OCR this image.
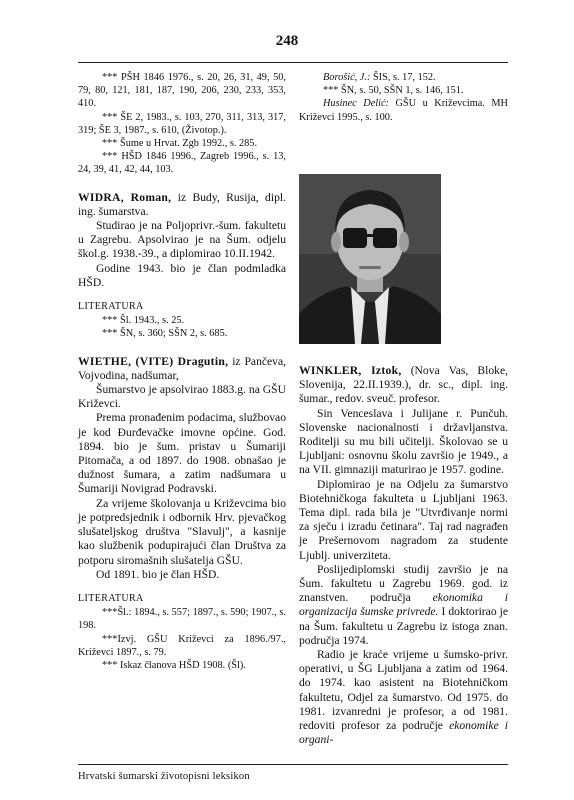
248

*** PŠH 1846 1976., s. 20, 26, 31, 49, 50, 79, 80, 121, 181, 187, 190, 206, 230, 233, 353, 410.

*** ŠE 2, 1983., s. 103, 270, 311, 313, 317, 319; ŠE 3, 1987., s. 610, (Životop.).

*** Šume u Hrvat. Zgb 1992., s. 285.

*** HŠD 1846 1996., Zagreb 1996., s. 13, 24, 39, 41, 42, 44, 103.

WIDRA, Roman, iz Budy, Rusija, dipl. ing. šumarstva.

Studirao je na Poljoprivr.-šum. fakultetu u Zagrebu. Apsolvirao je na Šum. odjelu škol.g. 1938.-39., a diplomirao 10.II.1942.

Godine 1943. bio je član podmladka HŠD.

LITERATURA

*** Šl. 1943., s. 25.

*** ŠN, s. 360; SŠN 2, s. 685.

WIETHE, (VITE) Dragutin, iz Pančeva, Vojvodina, nadšumar,

Šumarstvo je apsolvirao 1883.g. na GŠU Križevci.

Prema pronađenim podacima, službovao je kod Đurđevačke imovne općine. God. 1894. bio je šum. pristav u Šumariji Pitomača, a od 1897. do 1908. obnašao je dužnost šumara, a zatim nadšumara u Šumariji Novigrad Podravski.

Za vrijeme školovanja u Križevcima bio je potpredsjednik i odbornik Hrv. pjevačkog slušateljskog društva "Slavulj", a kasnije kao službenik podupirajući član Društva za potporu siromašnih slušatelja GŠU.

Od 1891. bio je član HŠD.

LITERATURA

***Šl.: 1894., s. 557; 1897., s. 590; 1907., s. 198.

***Izvj. GŠU Križevci za 1896./97., Križevci 1897., s. 79.

*** Iskaz članova HŠD 1908. (Šl).

Borošić, J.: ŠIS, s. 17, 152.

*** ŠN, s. 50, SŠN 1, s. 146, 151.

Husinec Delić: GŠU u Križevcima. MH Križevci 1995., s. 100.

WINKLER, Iztok, (Nova Vas, Bloke, Slovenija, 22.II.1939.), dr. sc., dipl. ing. šumar., redov. sveuč. profesor.

Sin Venceslava i Julijane r. Punčuh. Slovenske nacionalnosti i državljanstva. Roditelji su mu bili učitelji. Školovao se u Ljubljani: osnovnu školu završio je 1949., a na VII. gimnaziji maturirao je 1957. godine.

Diplomirao je na Odjelu za šumarstvo Biotehničkoga fakulteta u Ljubljani 1963. Tema dipl. rada bila je "Utvrđivanje normi za sječu i izradu četinara". Taj rad nagrađen je Prešernovom nagradom za studente Ljublj. univerziteta.

Poslijediplomski studij završio je na Šum. fakultetu u Zagrebu 1969. god. iz znanstven. područja ekonomika i organizacija šumske privrede. I doktorirao je na Šum. fakultetu u Zagrebu iz istoga znan. područja 1974.

Radio je kraće vrijeme u šumsko-privr. operativi, u ŠG Ljubljana a zatim od 1964. do 1974. kao asistent na Biotehničkom fakultetu, Odjel za šumarstvo. Od 1975. do 1981. izvanredni je profesor, a od 1981. redoviti profesor za područje ekonomike i organi-

Hrvatski šumarski životopisni leksikon
